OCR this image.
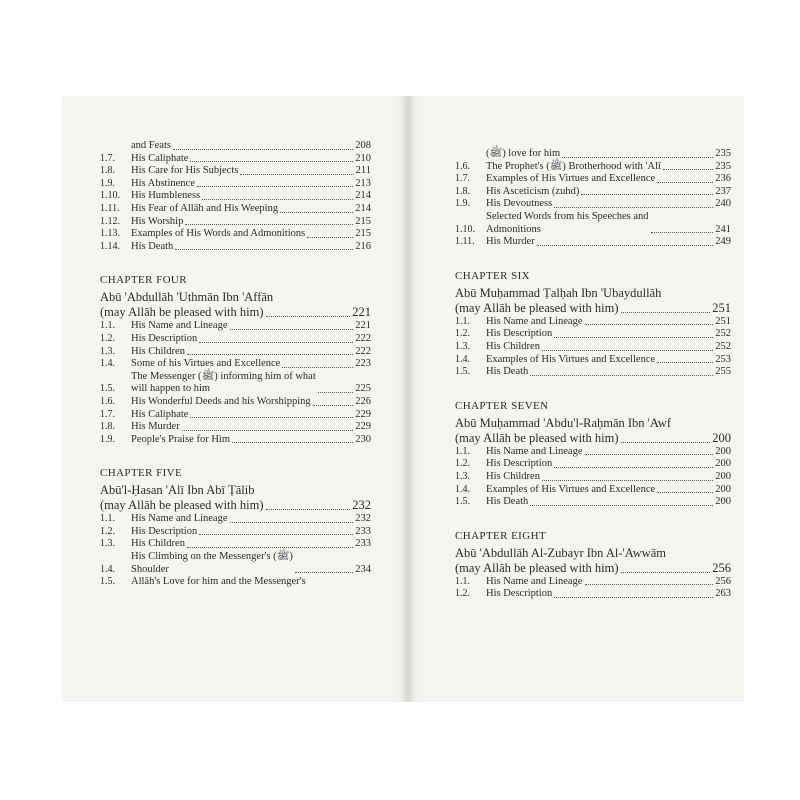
and Feats	208
1.7.	His Caliphate	210
1.8.	His Care for His Subjects	211
1.9.	His Abstinence	213
1.10.	His Humbleness	214
1.11.	His Fear of Allāh and His Weeping	214
1.12.	His Worship	215
1.13.	Examples of His Words and Admonitions	215
1.14.	His Death	216
CHAPTER FOUR
Abū 'Abdullāh 'Uthmān Ibn 'Affān
(may Allāh be pleased with him)	221
1.1.	His Name and Lineage	221
1.2.	His Description	222
1.3.	His Children	222
1.4.	Some of his Virtues and Excellence	223
1.5.
The Messenger (ﷺ) informing him of what
will happen to him	225
1.6.	His Wonderful Deeds and his Worshipping	226
1.7.	His Caliphate	229
1.8.	His Murder	229
1.9.	People's Praise for Him	230
CHAPTER FIVE
Abū'l-Ḥasan 'Alī Ibn Abī Ṭālib
(may Allāh be pleased with him)	232
1.1.	His Name and Lineage	232
1.2.	His Description	233
1.3.	His Children	233
1.4.
His Climbing on the Messenger's (ﷺ)
Shoulder	234
1.5.	Allāh's Love for him and the Messenger's

(ﷺ) love for him	235
1.6.	The Prophet's (ﷺ) Brotherhood with 'Alī	235
1.7.	Examples of His Virtues and Excellence	236
1.8.	His Asceticism (zuhd)	237
1.9.	His Devoutness	240
1.10.
Selected Words from his Speeches and
Admonitions	241
1.11.	His Murder	249
CHAPTER SIX
Abū Muḥammad Ṭalḥah Ibn 'Ubaydullāh
(may Allāh be pleased with him)	251
1.1.	His Name and Lineage	251
1.2.	His Description	252
1.3.	His Children	252
1.4.	Examples of His Virtues and Excellence	253
1.5.	His Death	255
CHAPTER SEVEN
Abū Muḥammad 'Abdu'l-Raḥmān Ibn 'Awf
(may Allāh be pleased with him)	200
1.1.	His Name and Lineage	200
1.2.	His Description	200
1.3.	His Children	200
1.4.	Examples of His Virtues and Excellence	200
1.5.	His Death	200
CHAPTER EIGHT
Abū 'Abdullāh Al-Zubayr Ibn Al-'Awwām
(may Allāh be pleased with him)	256
1.1.	His Name and Lineage	256
1.2.	His Description	263
